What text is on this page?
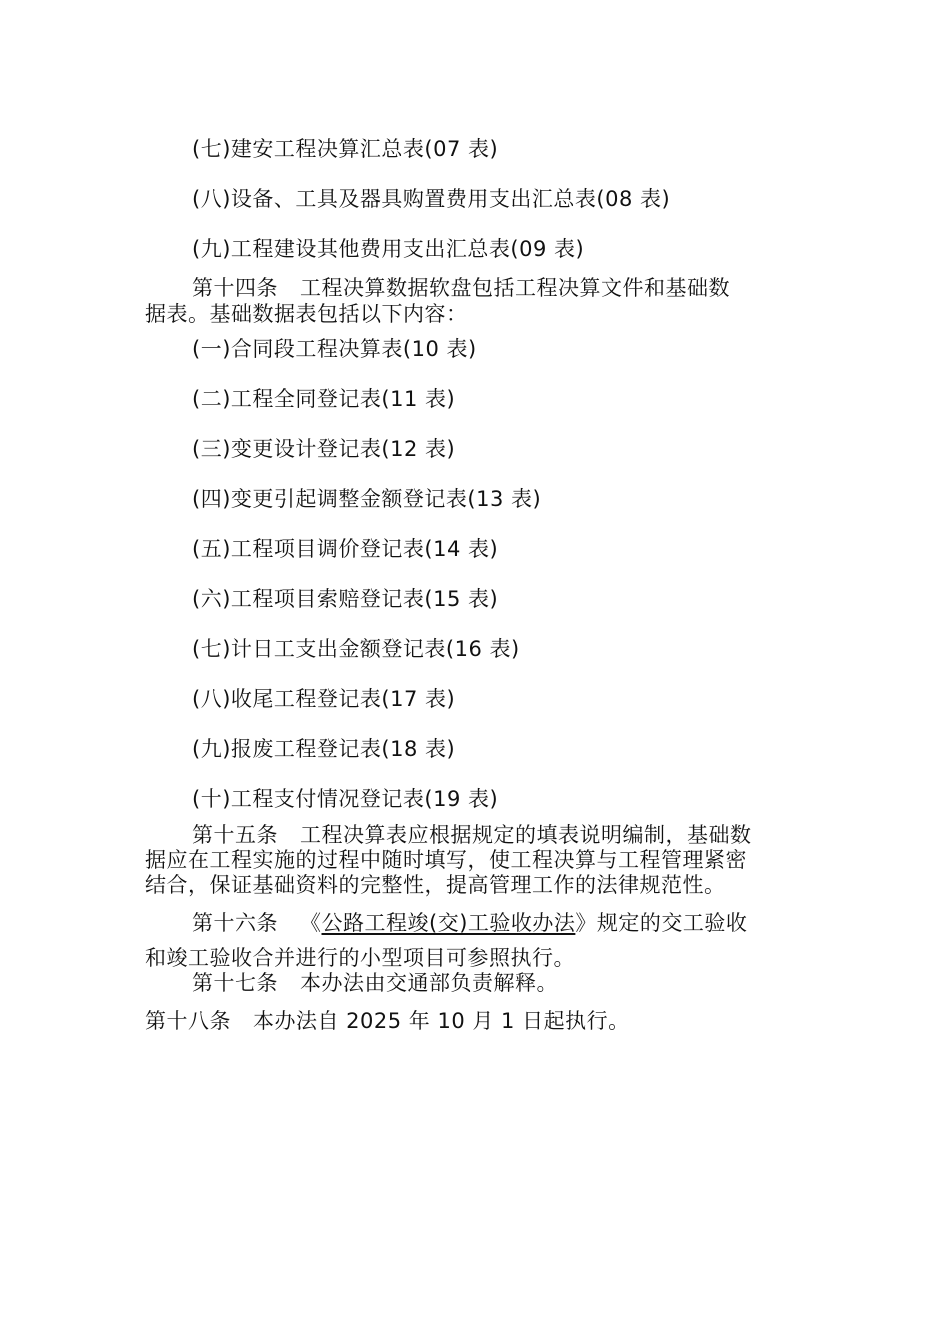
(七)建安工程决算汇总表(07 表)
(八)设备、工具及器具购置费用支出汇总表(08 表)
(九)工程建设其他费用支出汇总表(09 表)
第十四条 工程决算数据软盘包括工程决算文件和基础数
据表。基础数据表包括以下内容：
(一)合同段工程决算表(10 表)
(二)工程全同登记表(11 表)
(三)变更设计登记表(12 表)
(四)变更引起调整金额登记表(13 表)
(五)工程项目调价登记表(14 表)
(六)工程项目索赔登记表(15 表)
(七)计日工支出金额登记表(16 表)
(八)收尾工程登记表(17 表)
(九)报废工程登记表(18 表)
(十)工程支付情况登记表(19 表)
第十五条 工程决算表应根据规定的填表说明编制，基础数
据应在工程实施的过程中随时填写，使工程决算与工程管理紧密
结合，保证基础资料的完整性，提高管理工作的法律规范性。
第十六条 《公路工程竣(交)工验收办法》规定的交工验收
和竣工验收合并进行的小型项目可参照执行。
第十七条 本办法由交通部负责解释。
第十八条 本办法自 2025 年 10 月 1 日起执行。
